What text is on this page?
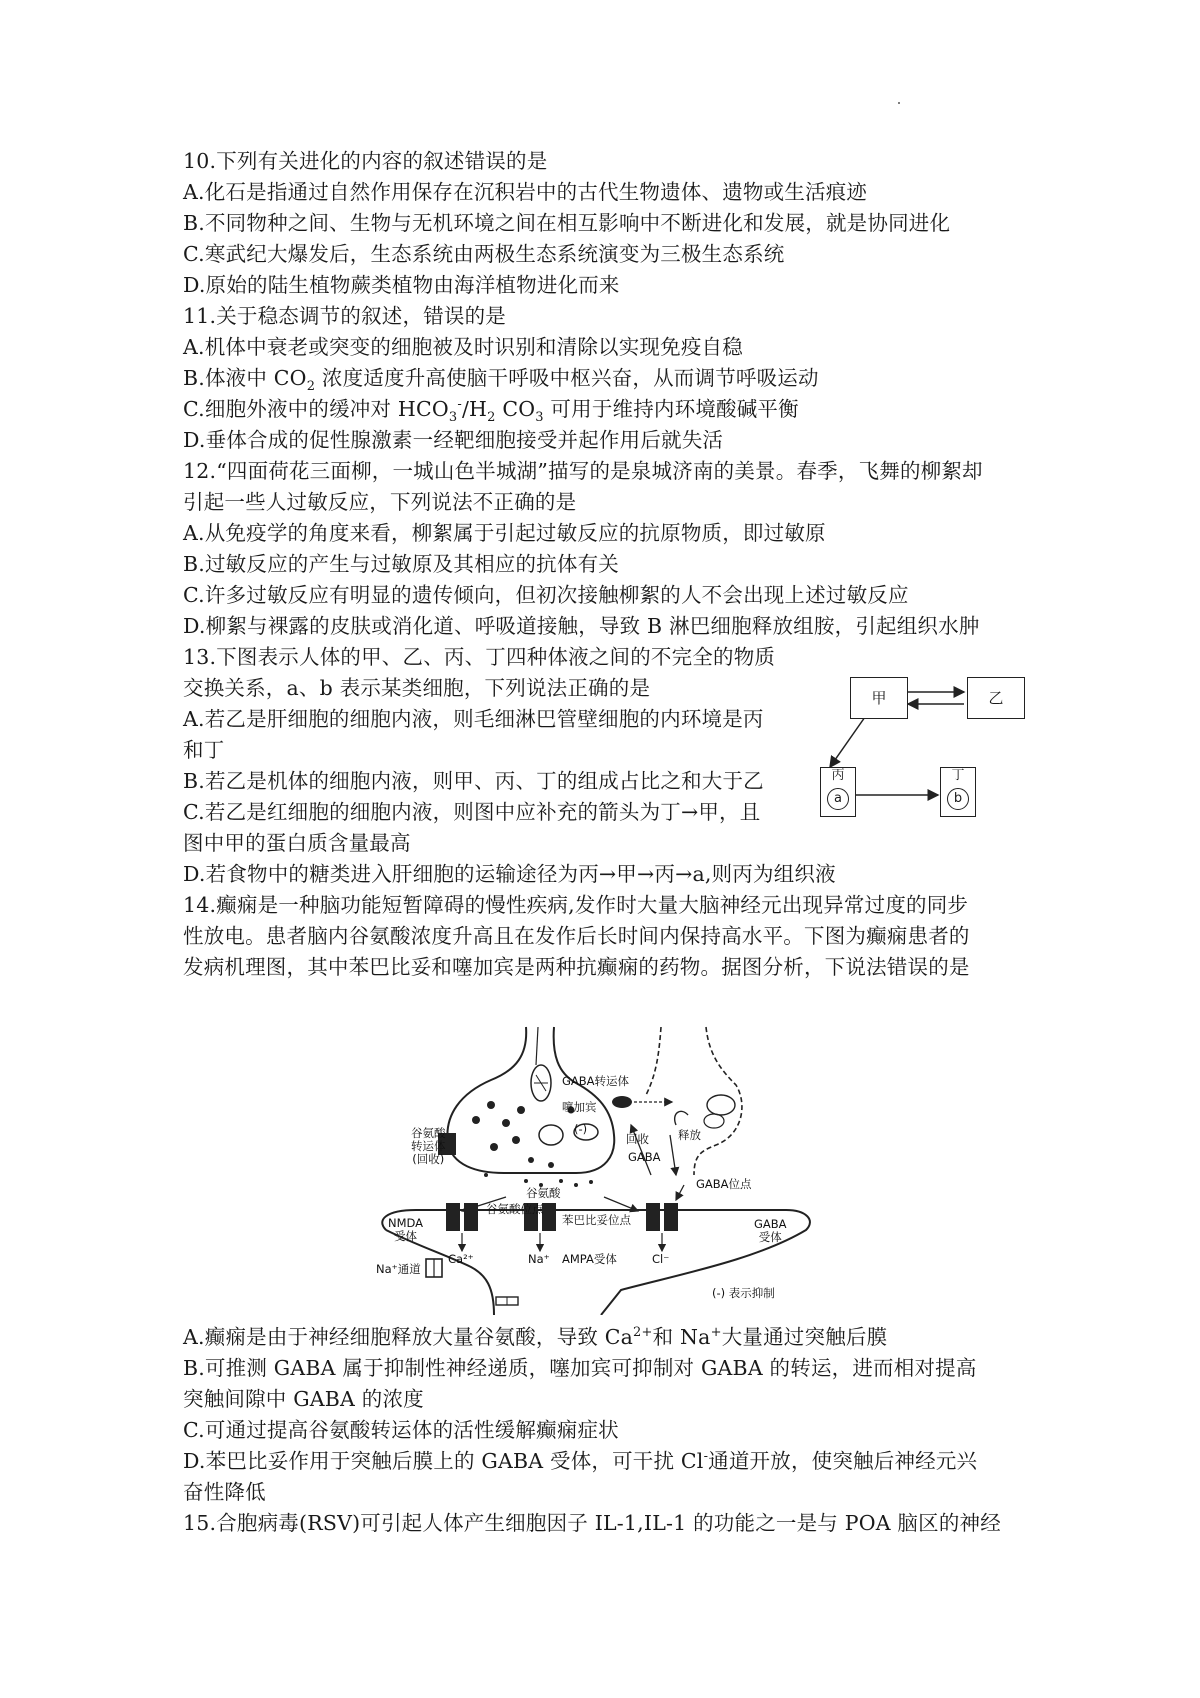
10.下列有关进化的内容的叙述错误的是
A.化石是指通过自然作用保存在沉积岩中的古代生物遗体、遗物或生活痕迹
B.不同物种之间、生物与无机环境之间在相互影响中不断进化和发展，就是协同进化
C.寒武纪大爆发后，生态系统由两极生态系统演变为三极生态系统
D.原始的陆生植物蕨类植物由海洋植物进化而来
11.关于稳态调节的叙述，错误的是
A.机体中衰老或突变的细胞被及时识别和清除以实现免疫自稳
B.体液中 $CO_2$ 浓度适度升高使脑干呼吸中枢兴奋，从而调节呼吸运动
C.细胞外液中的缓冲对 $HCO_3^-/H_2$ $CO_3$ 可用于维持内环境酸碱平衡
D.垂体合成的促性腺激素一经靶细胞接受并起作用后就失活
12.“四面荷花三面柳，一城山色半城湖”描写的是泉城济南的美景。春季，飞舞的柳絮却
引起一些人过敏反应，下列说法不正确的是
A.从免疫学的角度来看，柳絮属于引起过敏反应的抗原物质，即过敏原
B.过敏反应的产生与过敏原及其相应的抗体有关
C.许多过敏反应有明显的遗传倾向，但初次接触柳絮的人不会出现上述过敏反应
D.柳絮与裸露的皮肤或消化道、呼吸道接触，导致 B 淋巴细胞释放组胺，引起组织水肿
13.下图表示人体的甲、乙、丙、丁四种体液之间的不完全的物质
交换关系，a、b 表示某类细胞，下列说法正确的是
A.若乙是肝细胞的细胞内液，则毛细淋巴管壁细胞的内环境是丙
和丁
B.若乙是机体的细胞内液，则甲、丙、丁的组成占比之和大于乙
C.若乙是红细胞的细胞内液，则图中应补充的箭头为丁→甲，且
图中甲的蛋白质含量最高
D.若食物中的糖类进入肝细胞的运输途径为丙→甲→丙→a,则丙为组织液
甲	乙
丙
a
丁
b
14.癫痫是一种脑功能短暂障碍的慢性疾病,发作时大量大脑神经元出现异常过度的同步
性放电。患者脑内谷氨酸浓度升高且在发作后长时间内保持高水平。下图为癫痫患者的
发病机理图，其中苯巴比妥和噻加宾是两种抗癫痫的药物。据图分析，下说法错误的是
谷氨酸
转运体
(回收)
谷氨酸
谷氨酸位点
GABA转运体
噻加宾
(-)
回收	释放
GABA
GABA位点
苯巴比妥位点
NMDA
受体
Ca²⁺	Na⁺ AMPA受体	Cl⁻
GABA
受体
Na⁺通道
(-) 表示抑制
A.癫痫是由于神经细胞释放大量谷氨酸，导致 $Ca^{2+}$和 Na+大量通过突触后膜
B.可推测 GABA 属于抑制性神经递质，噻加宾可抑制对 GABA 的转运，进而相对提高
突触间隙中 GABA 的浓度
C.可通过提高谷氨酸转运体的活性缓解癫痫症状
D.苯巴比妥作用于突触后膜上的 GABA 受体，可干扰 Cl-通道开放，使突触后神经元兴
奋性降低
15.合胞病毒(RSV)可引起人体产生细胞因子 IL-1,IL-1 的功能之一是与 POA 脑区的神经
